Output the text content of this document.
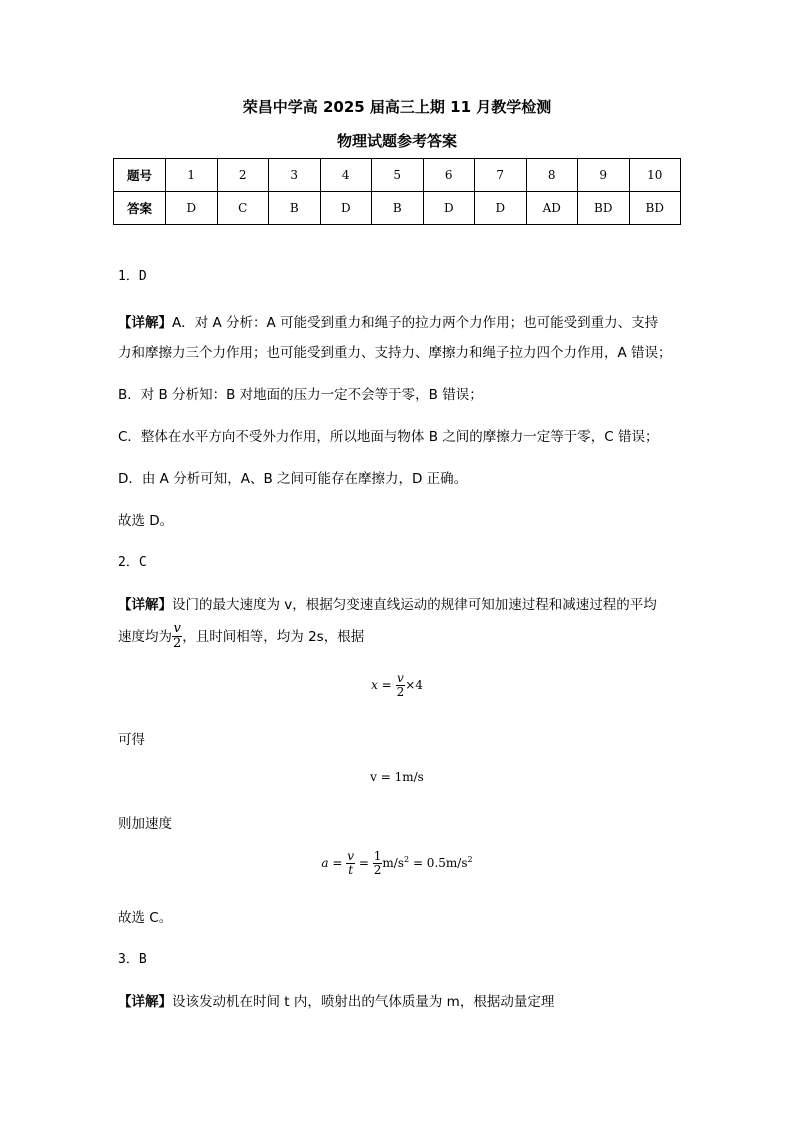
荣昌中学高 2025 届高三上期 11 月教学检测
物理试题参考答案
题号	1	2	3	4	5	6	7	8	9	10
答案	D	C	B	D	B	D	D	AD	BD	BD
1．D
【详解】A．对 A 分析：A 可能受到重力和绳子的拉力两个力作用；也可能受到重力、支持
力和摩擦力三个力作用；也可能受到重力、支持力、摩擦力和绳子拉力四个力作用，A 错误；
B．对 B 分析知：B 对地面的压力一定不会等于零，B 错误；
C．整体在水平方向不受外力作用，所以地面与物体 B 之间的摩擦力一定等于零，C 错误；
D．由 A 分析可知，A、B 之间可能存在摩擦力，D 正确。
故选 D。
2．C
【详解】设门的最大速度为 v，根据匀变速直线运动的规律可知加速过程和减速过程的平均
速度均为 $\frac{v}{2}$ ，且时间相等，均为 2s，根据
$x = \frac{v}{2} \times 4$
可得
v = 1m/s
则加速度
$a = \frac{v}{t} = \frac{1}{2} m/s^2 = 0.5m/s^2$
故选 C。
3．B
【详解】设该发动机在时间 t 内，喷射出的气体质量为 m，根据动量定理
